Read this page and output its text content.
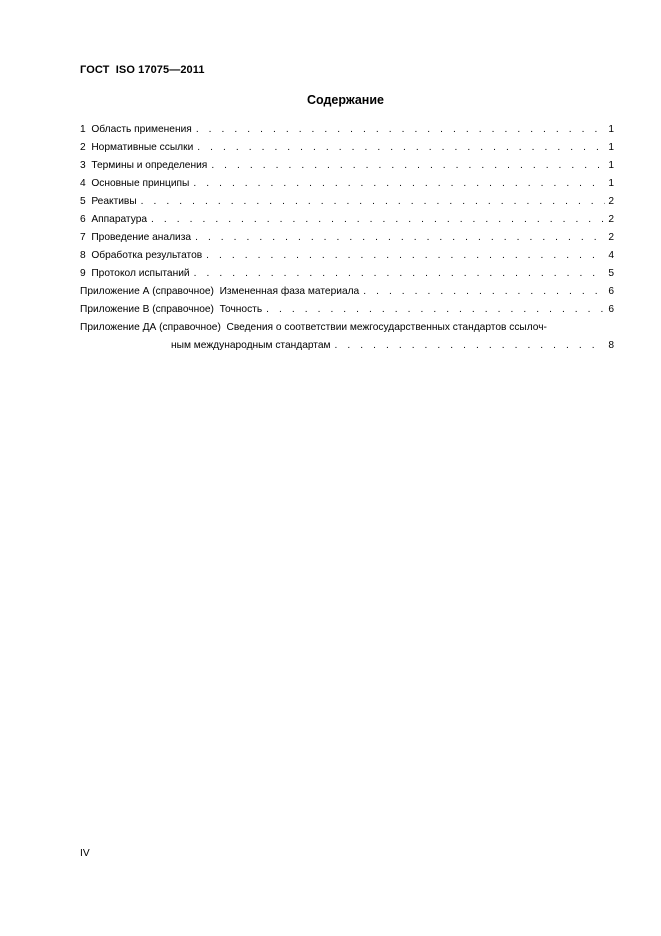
ГОСТ  ISO 17075—2011
Содержание
1  Область применения . . .	1
2  Нормативные ссылки . . .	1
3  Термины и определения . . .	1
4  Основные принципы . . .	1
5  Реактивы . . .	2
6  Аппаратура . . .	2
7  Проведение анализа . . .	2
8  Обработка результатов . . .	4
9  Протокол испытаний . . .	5
Приложение А (справочное)  Измененная фаза материала . . .	6
Приложение В (справочное)  Точность . . .	6
Приложение ДА (справочное)  Сведения о соответствии межгосударственных стандартов ссылоч-
ным международным стандартам . . .	8
IV
